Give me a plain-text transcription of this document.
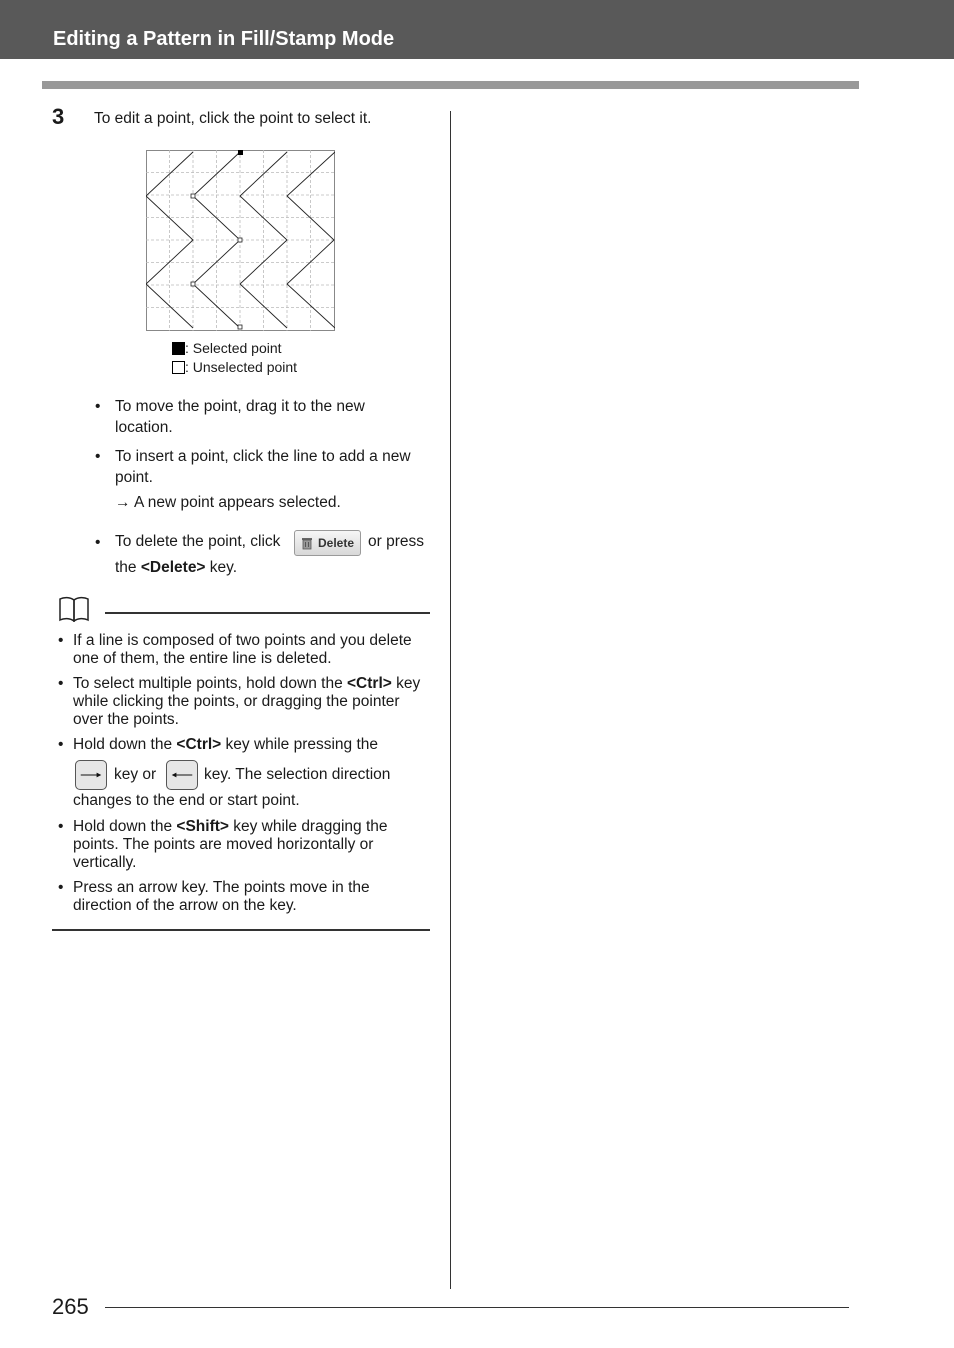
Editing a Pattern in Fill/Stamp Mode
3 To edit a point, click the point to select it.
: Selected point
: Unselected point
• To move the point, drag it to the new location.
• To insert a point, click the line to add a new point.
→ A new point appears selected.
• To delete the point, click	Delete or press
the <Delete> key.
• If a line is composed of two points and you delete one of them, the entire line is deleted.
• To select multiple points, hold down the <Ctrl> key while clicking the points, or dragging the pointer over the points.
• Hold down the <Ctrl> key while pressing the
key or	key. The selection direction
changes to the end or start point.
• Hold down the <Shift> key while dragging the points. The points are moved horizontally or vertically.
• Press an arrow key. The points move in the direction of the arrow on the key.
265
